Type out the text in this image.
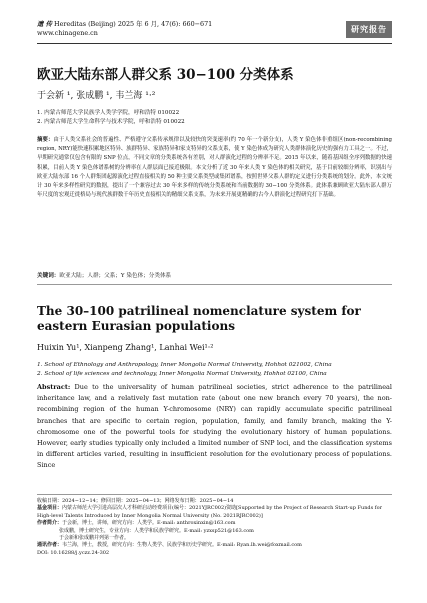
遗 传 Hereditas (Beijing) 2025 年 6 月, 47(6): 660−671
www.chinagene.cn	研究报告
欧亚大陆东部人群父系 30−100 分类体系
于会新 ¹, 张成鹏 ¹, 韦兰海 ¹·²
1. 内蒙古师范大学民族学人类学学院，呼和浩特 010022
2. 内蒙古师范大学生命科学与技术学院，呼和浩特 010022
摘要：由于人类父系社会的普遍性、严格遵守父系传承规律以及较快的突变速率(约 70 年一个新分支)，人类 Y 染色体非重组区(non-recombining region, NRY)能快速积累地区特异、族群特异、家族特异和家支特异的父系支系，使 Y 染色体成为研究人类群体演化历史的强有力工具之一。不过，早期研究通常仅包含有限的 SNP 位点，不同文章的分类系统各有差别，对人群演化过程的分辨率不足。2015 年以来，随着基因组全序列数据的快速积累，目前人类 Y 染色体谱系树的分辨率在人群层面已接近极限。本文分析了近 30 年来人类 Y 染色体的相关研究，基于目前较细分辨率，识别出与欧亚大陆东部 16 个人群集团起源演化过程直接相关的 50 种主要父系类型或集团谱系，按照世界父系人群的定义进行分类系统的划分。此外，本文统计 30 年来多样性研究的数据，提出了一个兼容过去 30 年来多样的传统分类系统和当前数据的 30−100 分类体系。此体系兼顾欧亚大陆东部人群万年尺度的宏观迁徙格局与现代族群数千年历史直接相关的精细父系支系，为未来开展更精确的古今人群演化过程研究打下基础。
关键词：欧亚大陆；人群；父系；Y 染色体；分类体系
The 30–100 patrilineal nomenclature system for eastern Eurasian populations
Huixin Yu¹, Xianpeng Zhang¹, Lanhai Wei¹·²
1. School of Ethnology and Anthropology, Inner Mongolia Normal University, Hohhot 021002, China
2. School of life sciences and technology, Inner Mongolia Normal University, Hohhot 02100, China
Abstract: Due to the universality of human patrilineal societies, strict adherence to the patrilineal inheritance law, and a relatively fast mutation rate (about one new branch every 70 years), the non-recombining region of the human Y-chromosome (NRY) can rapidly accumulate specific patrilineal branches that are specific to certain region, population, family, and family branch, making the Y-chromosome one of the powerful tools for studying the evolutionary history of human populations. However, early studies typically only included a limited number of SNP loci, and the classification systems in different articles varied, resulting in insufficient resolution for the evolutionary process of populations. Since
收稿日期：2024−12−14；修回日期：2025−04−13；网络发布日期：2025−04−14
基金项目：内蒙古师范大学引进高层次人才科研启动经费项目(编号：2021YJRC002)资助[Supported by the Project of Research Start-up Funds for High-level Talents Introduced by Inner Mongolia Normal University (No. 2021RJRC002)]
作者简介：于会新，博士，讲师，研究方向：人类学。E-mail: anthroxinxin@163.com
张成鹏，博士研究生，专业方向：人类学和民族学研究。E-mail: yzxsp521@163.com
于会新和张成鹏并列第一作者。
通讯作者：韦兰海，博士，教授，研究方向：生物人类学、民族学和历史学研究。E-mail: Ryan.lh.wei@foxmail.com
DOI: 10.16288/j.yczz.24-302
